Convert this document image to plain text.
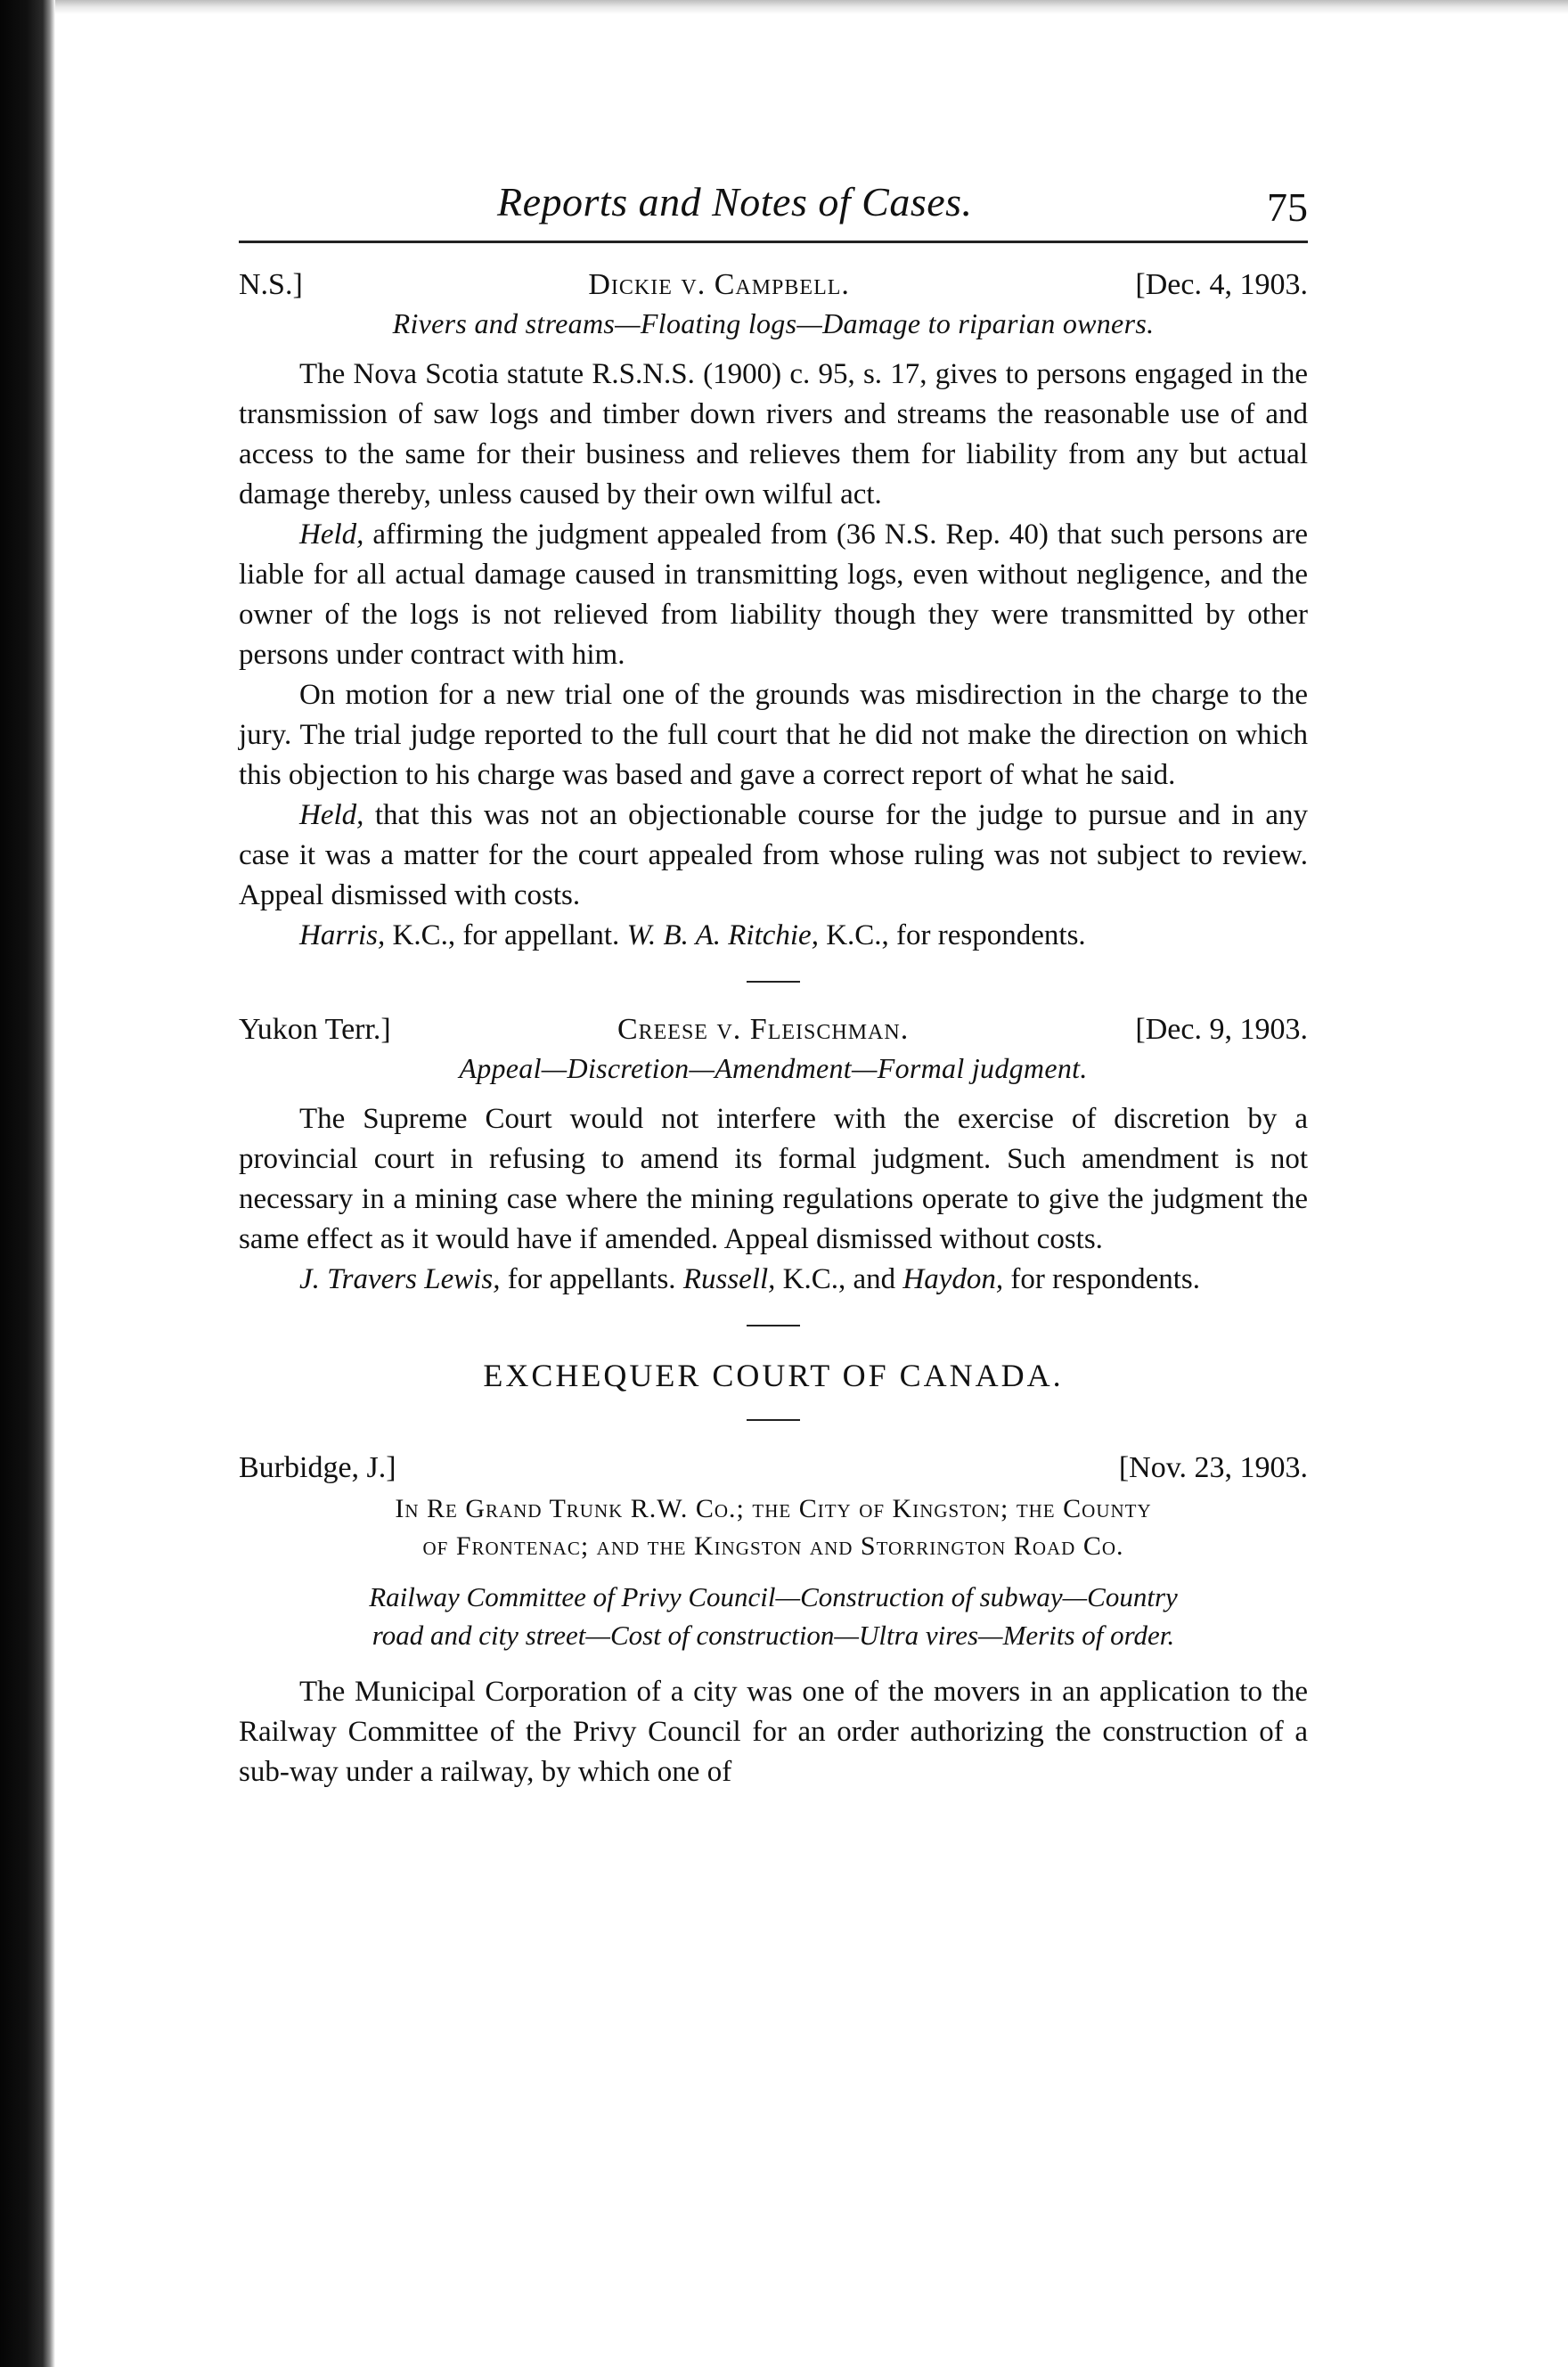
Reports and Notes of Cases.	75
N.S.]	Dickie v. Campbell.	[Dec. 4, 1903.
Rivers and streams—Floating logs—Damage to riparian owners.

The Nova Scotia statute R.S.N.S. (1900) c. 95, s. 17, gives to persons engaged in the transmission of saw logs and timber down rivers and streams the reasonable use of and access to the same for their business and relieves them for liability from any but actual damage thereby, unless caused by their own wilful act.

Held, affirming the judgment appealed from (36 N.S. Rep. 40) that such persons are liable for all actual damage caused in transmitting logs, even without negligence, and the owner of the logs is not relieved from liability though they were transmitted by other persons under contract with him.

On motion for a new trial one of the grounds was misdirection in the charge to the jury. The trial judge reported to the full court that he did not make the direction on which this objection to his charge was based and gave a correct report of what he said.

Held, that this was not an objectionable course for the judge to pursue and in any case it was a matter for the court appealed from whose ruling was not subject to review. Appeal dismissed with costs.

Harris, K.C., for appellant. W. B. A. Ritchie, K.C., for respondents.

Yukon Terr.]	Creese v. Fleischman.	[Dec. 9, 1903.
Appeal—Discretion—Amendment—Formal judgment.

The Supreme Court would not interfere with the exercise of discretion by a provincial court in refusing to amend its formal judgment. Such amendment is not necessary in a mining case where the mining regulations operate to give the judgment the same effect as it would have if amended. Appeal dismissed without costs.

J. Travers Lewis, for appellants. Russell, K.C., and Haydon, for respondents.

EXCHEQUER COURT OF CANADA.
Burbidge, J.]	[Nov. 23, 1903.
In Re Grand Trunk R.W. Co.; the City of Kingston; the County
of Frontenac; and the Kingston and Storrington Road Co.
Railway Committee of Privy Council—Construction of subway—Country
road and city street—Cost of construction—Ultra vires—Merits of order.

The Municipal Corporation of a city was one of the movers in an application to the Railway Committee of the Privy Council for an order authorizing the construction of a sub-way under a railway, by which one of
